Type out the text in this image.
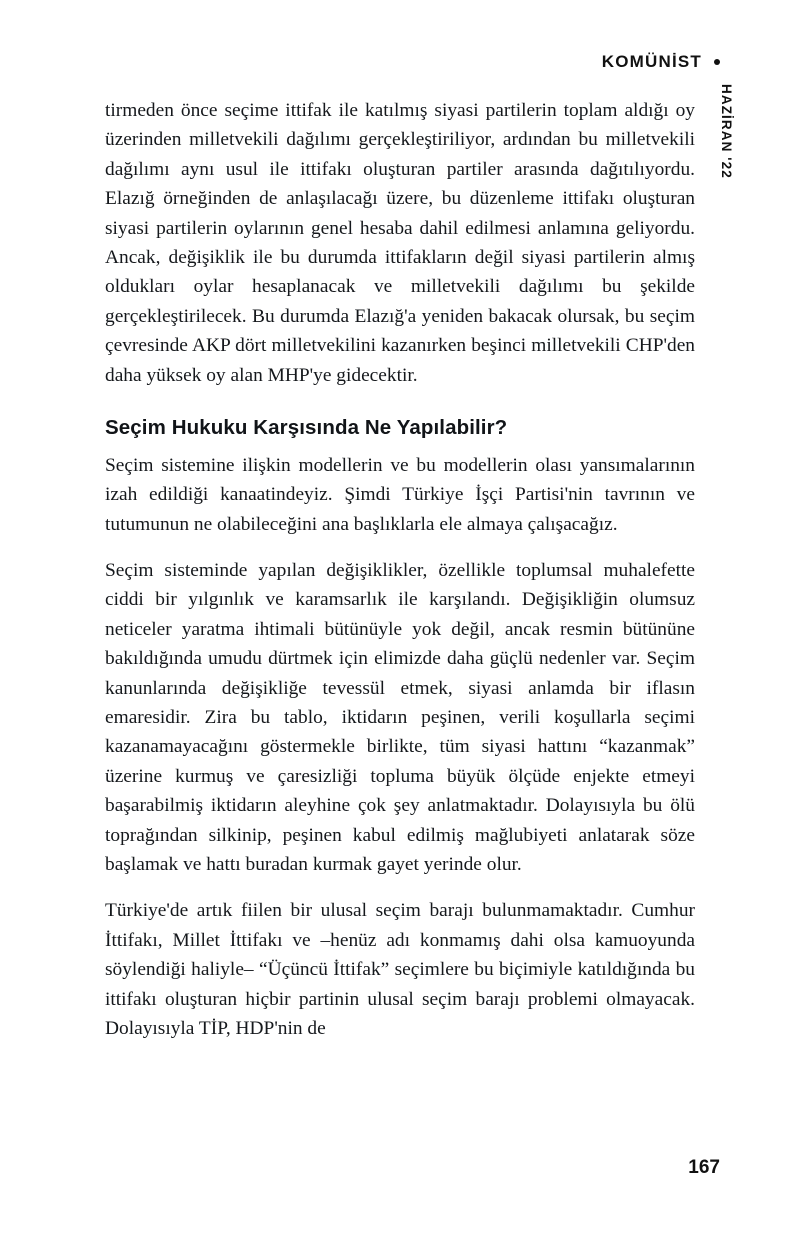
KOMÜNİST
HAZİRAN '22

tirmeden önce seçime ittifak ile katılmış siyasi partilerin toplam aldığı oy üzerinden milletvekili dağılımı gerçekleştiriliyor, ardından bu milletvekili dağılımı aynı usul ile ittifakı oluşturan partiler arasında dağıtılıyordu. Elazığ örneğinden de anlaşılacağı üzere, bu düzenleme ittifakı oluşturan siyasi partilerin oylarının genel hesaba dahil edilmesi anlamına geliyordu. Ancak, değişiklik ile bu durumda ittifakların değil siyasi partilerin almış oldukları oylar hesaplanacak ve milletvekili dağılımı bu şekilde gerçekleştirilecek. Bu durumda Elazığ'a yeniden bakacak olursak, bu seçim çevresinde AKP dört milletvekilini kazanırken beşinci milletvekili CHP'den daha yüksek oy alan MHP'ye gidecektir.

Seçim Hukuku Karşısında Ne Yapılabilir?

Seçim sistemine ilişkin modellerin ve bu modellerin olası yansımalarının izah edildiği kanaatindeyiz. Şimdi Türkiye İşçi Partisi'nin tavrının ve tutumunun ne olabileceğini ana başlıklarla ele almaya çalışacağız.

Seçim sisteminde yapılan değişiklikler, özellikle toplumsal muhalefette ciddi bir yılgınlık ve karamsarlık ile karşılandı. Değişikliğin olumsuz neticeler yaratma ihtimali bütünüyle yok değil, ancak resmin bütününe bakıldığında umudu dürtmek için elimizde daha güçlü nedenler var. Seçim kanunlarında değişikliğe tevessül etmek, siyasi anlamda bir iflasın emaresidir. Zira bu tablo, iktidarın peşinen, verili koşullarla seçimi kazanamayacağını göstermekle birlikte, tüm siyasi hattını “kazanmak” üzerine kurmuş ve çaresizliği topluma büyük ölçüde enjekte etmeyi başarabilmiş iktidarın aleyhine çok şey anlatmaktadır. Dolayısıyla bu ölü toprağından silkinip, peşinen kabul edilmiş mağlubiyeti anlatarak söze başlamak ve hattı buradan kurmak gayet yerinde olur.

Türkiye'de artık fiilen bir ulusal seçim barajı bulunmamaktadır. Cumhur İttifakı, Millet İttifakı ve –henüz adı konmamış dahi olsa kamuoyunda söylendiği haliyle– “Üçüncü İttifak” seçimlere bu biçimiyle katıldığında bu ittifakı oluşturan hiçbir partinin ulusal seçim barajı problemi olmayacak. Dolayısıyla TİP, HDP'nin de

167
